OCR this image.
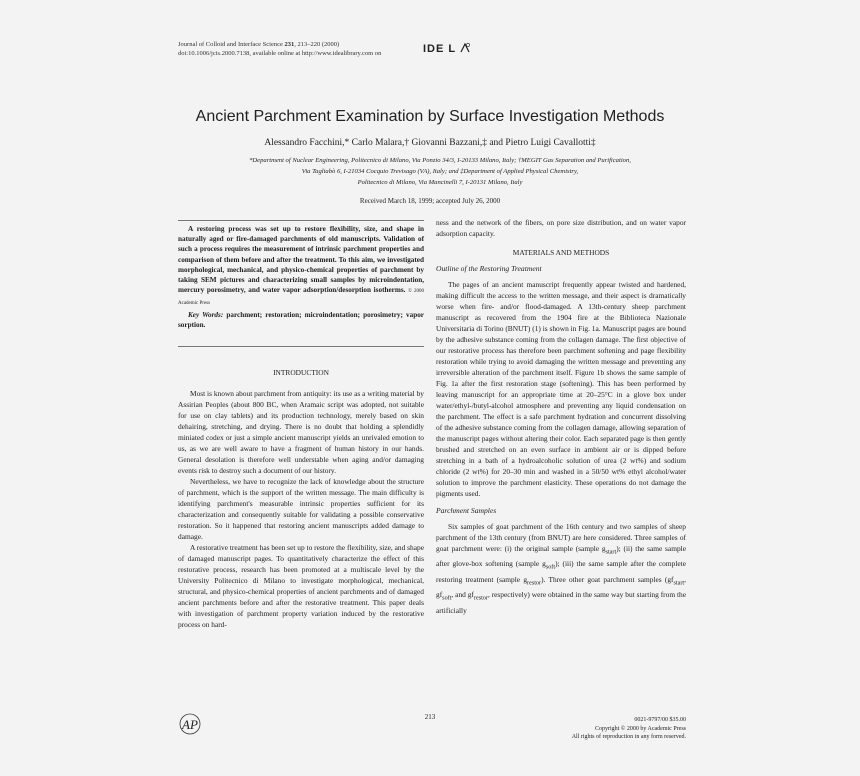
Journal of Colloid and Interface Science 231, 213–220 (2000)
doi:10.1006/jcis.2000.7138, available online at http://www.idealibrary.com on	IDE L
Ancient Parchment Examination by Surface Investigation Methods
Alessandro Facchini,* Carlo Malara,† Giovanni Bazzani,‡ and Pietro Luigi Cavallotti‡
*Department of Nuclear Engineering, Politecnico di Milano, Via Ponzio 34/3, I-20133 Milano, Italy; †MEGIT Gas Separation and Purification,
Via Tagliabò 6, I-21034 Cocquio Trevisago (VA), Italy; and ‡Department of Applied Physical Chemistry,
Politecnico di Milano, Via Mancinelli 7, I-20131 Milano, Italy
Received March 18, 1999; accepted July 26, 2000

A restoring process was set up to restore flexibility, size, and shape in naturally aged or fire-damaged parchments of old manuscripts. Validation of such a process requires the measurement of intrinsic parchment properties and comparison of them before and after the treatment. To this aim, we investigated morphological, mechanical, and physico-chemical properties of parchment by taking SEM pictures and characterizing small samples by microindentation, mercury porosimetry, and water vapor adsorption/desorption isotherms. © 2000 Academic Press

Key Words: parchment; restoration; microindentation; porosimetry; vapor sorption.

INTRODUCTION

Most is known about parchment from antiquity: its use as a writing material by Assirian Peoples (about 800 BC, when Aramaic script was adopted, not suitable for use on clay tablets) and its production technology, merely based on skin dehairing, stretching, and drying. There is no doubt that holding a splendidly miniated codex or just a simple ancient manuscript yields an unrivaled emotion to us, as we are well aware to have a fragment of human history in our hands. General desolation is therefore well understable when aging and/or damaging events risk to destroy such a document of our history.

Nevertheless, we have to recognize the lack of knowledge about the structure of parchment, which is the support of the written message. The main difficulty is identifying parchment's measurable intrinsic properties sufficient for its characterization and consequently suitable for validating a possible conservative restoration. So it happened that restoring ancient manuscripts added damage to damage.

A restorative treatment has been set up to restore the flexibility, size, and shape of damaged manuscript pages. To quantitatively characterize the effect of this restorative process, research has been promoted at a multiscale level by the University Politecnico di Milano to investigate morphological, mechanical, structural, and physico-chemical properties of ancient parchments and of damaged ancient parchments before and after the restorative treatment. This paper deals with investigation of parchment property variation induced by the restorative process on hard-

ness and the network of the fibers, on pore size distribution, and on water vapor adsorption capacity.

MATERIALS AND METHODS

Outline of the Restoring Treatment

The pages of an ancient manuscript frequently appear twisted and hardened, making difficult the access to the written message, and their aspect is dramatically worse when fire- and/or flood-damaged. A 13th-century sheep parchment manuscript as recovered from the 1904 fire at the Biblioteca Nazionale Universitaria di Torino (BNUT) (1) is shown in Fig. 1a. Manuscript pages are bound by the adhesive substance coming from the collagen damage. The first objective of our restorative process has therefore been parchment softening and page flexibility restoration while trying to avoid damaging the written message and preventing any irreversible alteration of the parchment itself. Figure 1b shows the same sample of Fig. 1a after the first restoration stage (softening). This has been performed by leaving manuscript for an appropriate time at 20–25°C in a glove box under water/ethyl-/butyl-alcohol atmosphere and preventing any liquid condensation on the parchment. The effect is a safe parchment hydration and concurrent dissolving of the adhesive substance coming from the collagen damage, allowing separation of the manuscript pages without altering their color. Each separated page is then gently brushed and stretched on an even surface in ambient air or is dipped before stretching in a bath of a hydroalcoholic solution of urea (2 wt%) and sodium chloride (2 wt%) for 20–30 min and washed in a 50/50 wt% ethyl alcohol/water solution to improve the parchment elasticity. These operations do not damage the pigments used.

Parchment Samples

Six samples of goat parchment of the 16th century and two samples of sheep parchment of the 13th century (from BNUT) are here considered. Three samples of goat parchment were: (i) the original sample (sample $g_{start}$); (ii) the same sample after glove-box softening (sample $g_{soft}$); (iii) the same sample after the complete restoring treatment (sample $g_{restor}$). Three other goat parchment samples ($gf_{start}$, $gf_{soft}$, and $gf_{restor}$, respectively) were obtained in the same way but starting from the artificially

AP	213	0021-9797/00 $35.00
Copyright © 2000 by Academic Press
All rights of reproduction in any form reserved.
